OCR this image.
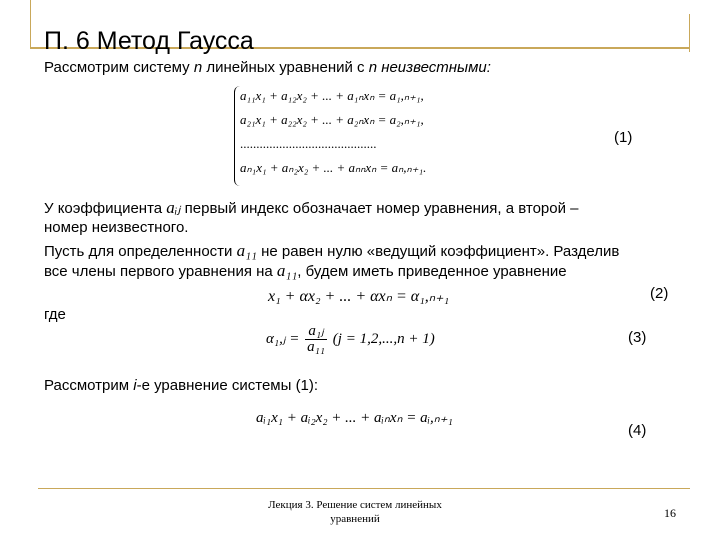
П. 6 Метод Гаусса
Рассмотрим систему n линейных уравнений с n неизвестными:
a₁₁x₁ + a₁₂x₂ + ... + a₁ₙxₙ = a₁,ₙ₊₁,
a₂₁x₁ + a₂₂x₂ + ... + a₂ₙxₙ = a₂,ₙ₊₁,
..........................................
aₙ₁x₁ + aₙ₂x₂ + ... + aₙₙxₙ = aₙ,ₙ₊₁.
(1)
У коэффициента aᵢⱼ первый индекс обозначает номер уравнения, а второй –
номер неизвестного.
Пусть для определенности a₁₁ не равен нулю «ведущий коэффициент». Разделив
все члены первого уравнения на a₁₁, будем иметь приведенное уравнение
x₁ + αx₂ + ... + αxₙ = α₁,ₙ₊₁	(2)
где
α₁,ⱼ = $\frac{\text{a₁ⱼ}}{\text{a₁₁}} (j = 1,2,...,n + 1)$	(3)
Рассмотрим i-е уравнение системы (1):
aᵢ₁x₁ + aᵢ₂x₂ + ... + aᵢₙxₙ = aᵢ,ₙ₊₁
(4)
Лекция 3. Решение систем линейных
уравнений	16
